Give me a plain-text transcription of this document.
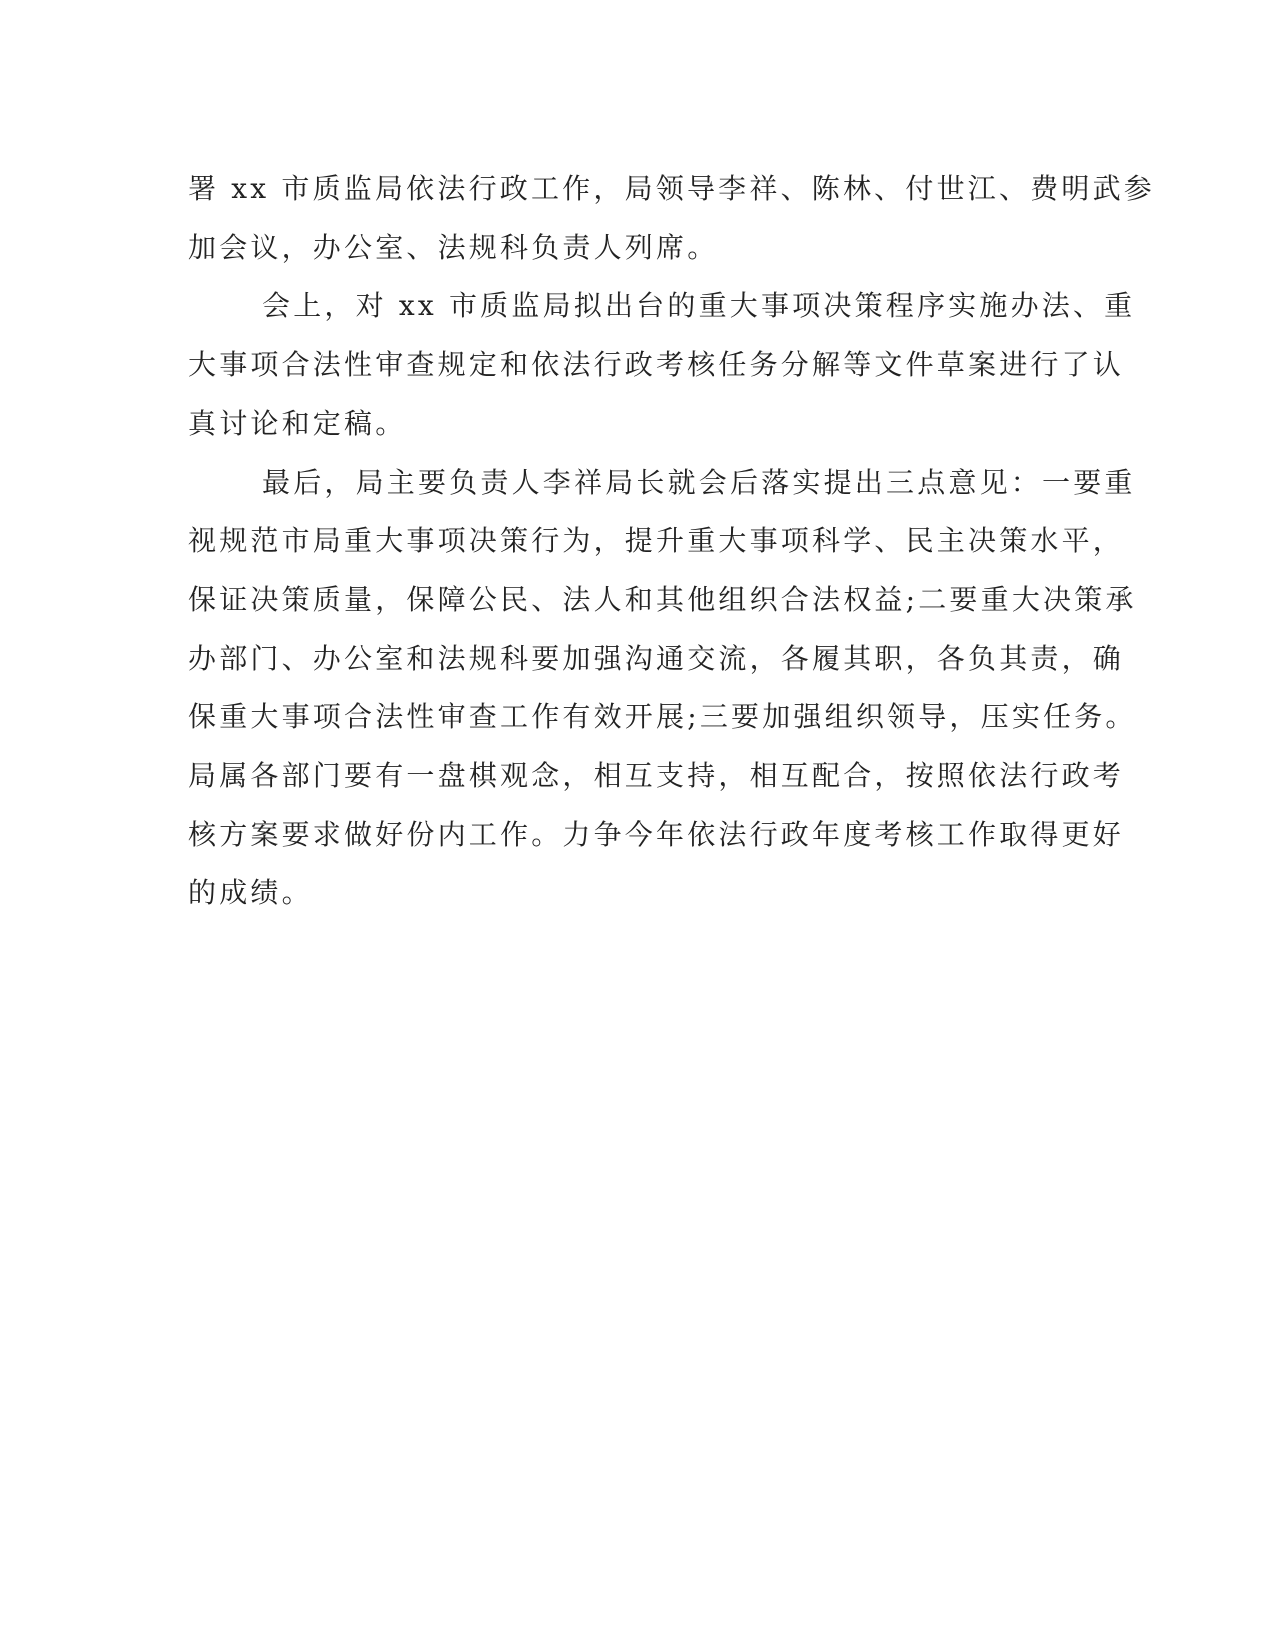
署 xx 市质监局依法行政工作，局领导李祥、陈林、付世江、费明武参
加会议，办公室、法规科负责人列席。
会上，对 xx 市质监局拟出台的重大事项决策程序实施办法、重
大事项合法性审查规定和依法行政考核任务分解等文件草案进行了认
真讨论和定稿。
最后，局主要负责人李祥局长就会后落实提出三点意见：一要重
视规范市局重大事项决策行为，提升重大事项科学、民主决策水平，
保证决策质量，保障公民、法人和其他组织合法权益;二要重大决策承
办部门、办公室和法规科要加强沟通交流，各履其职，各负其责，确
保重大事项合法性审查工作有效开展;三要加强组织领导，压实任务。
局属各部门要有一盘棋观念，相互支持，相互配合，按照依法行政考
核方案要求做好份内工作。力争今年依法行政年度考核工作取得更好
的成绩。
